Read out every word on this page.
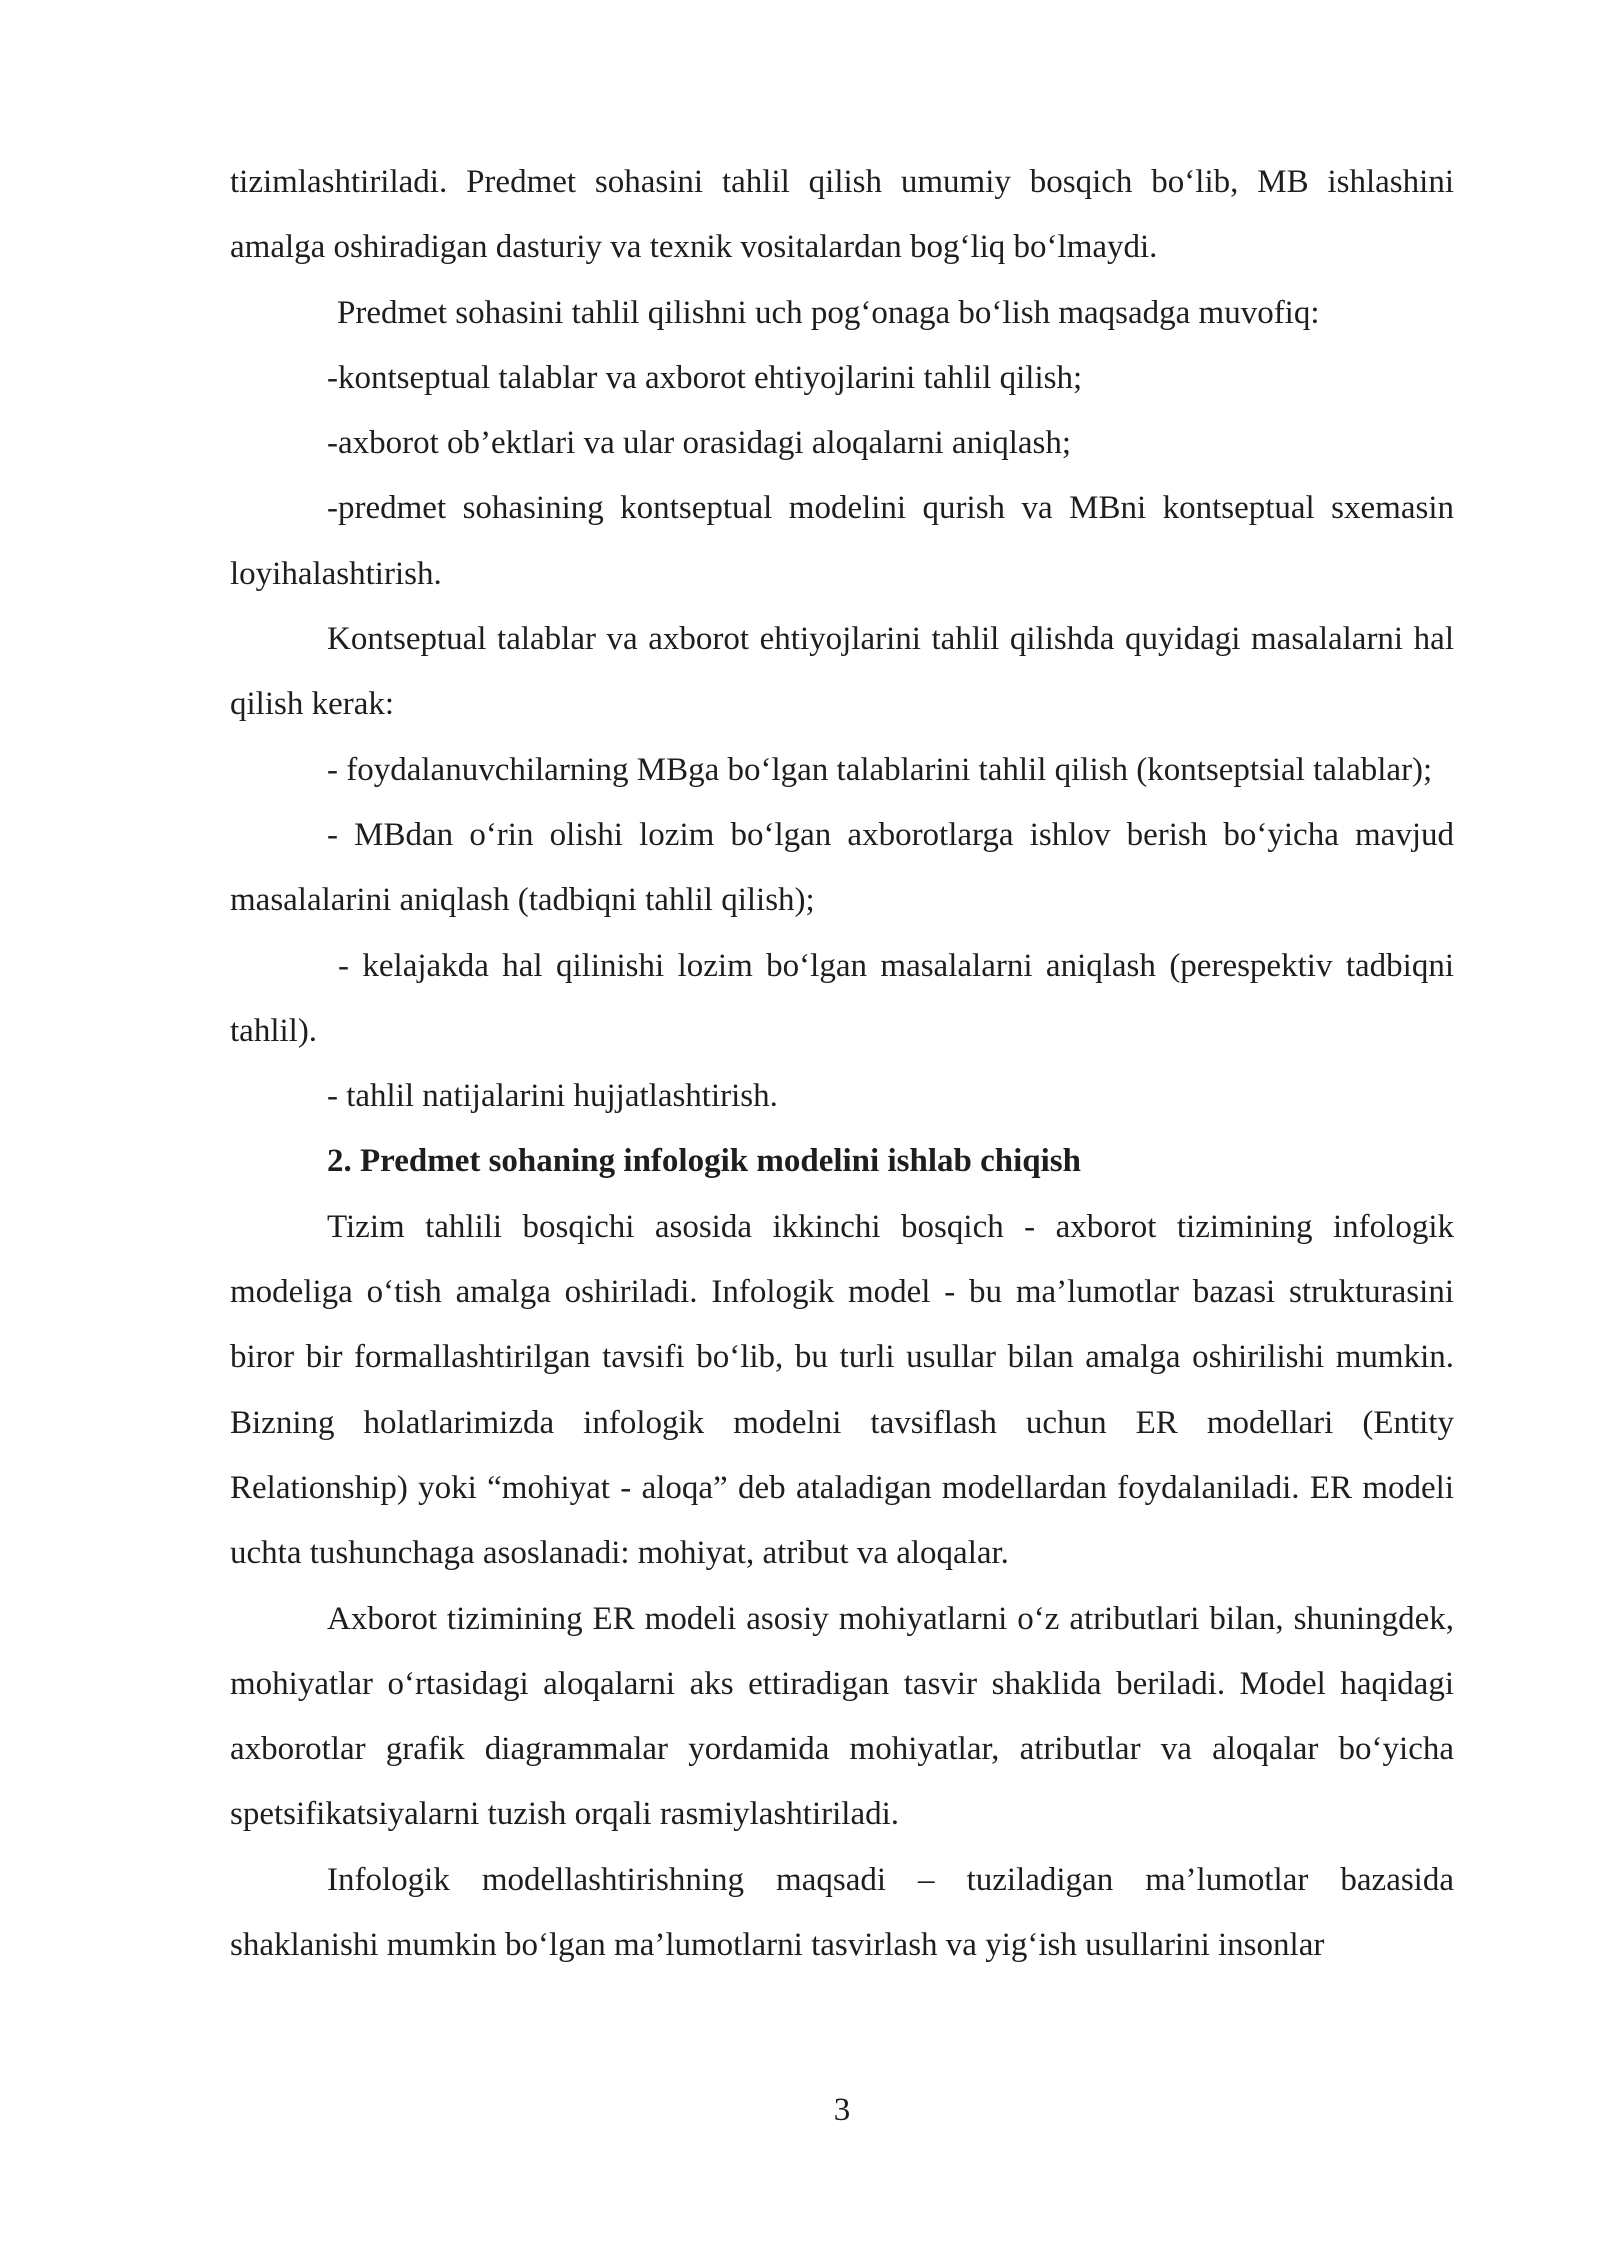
tizimlashtiriladi. Predmet sohasini tahlil qilish umumiy bosqich bo‘lib, MB ishlashini amalga oshiradigan dasturiy va texnik vositalardan bog‘liq bo‘lmaydi.

Predmet sohasini tahlil qilishni uch pog‘onaga bo‘lish maqsadga muvofiq:

-kontseptual talablar va axborot ehtiyojlarini tahlil qilish;

-axborot ob’ektlari va ular orasidagi aloqalarni aniqlash;

-predmet sohasining kontseptual modelini qurish va MBni kontseptual sxemasin loyihalashtirish.

Kontseptual talablar va axborot ehtiyojlarini tahlil qilishda quyidagi masalalarni hal qilish kerak:

- foydalanuvchilarning MBga bo‘lgan talablarini tahlil qilish (kontseptsial talablar);

- MBdan o‘rin olishi lozim bo‘lgan axborotlarga ishlov berish bo‘yicha mavjud masalalarini aniqlash (tadbiqni tahlil qilish);

- kelajakda hal qilinishi lozim bo‘lgan masalalarni aniqlash (perespektiv tadbiqni tahlil).

- tahlil natijalarini hujjatlashtirish.

2. Predmet sohaning infologik modelini ishlab chiqish

Tizim tahlili bosqichi asosida ikkinchi bosqich - axborot tizimining infologik modeliga o‘tish amalga oshiriladi. Infologik model - bu ma’lumotlar bazasi strukturasini biror bir formallashtirilgan tavsifi bo‘lib, bu turli usullar bilan amalga oshirilishi mumkin. Bizning holatlarimizda infologik modelni tavsiflash uchun ER modellari (Entity Relationship) yoki “mohiyat - aloqa” deb ataladigan modellardan foydalaniladi. ER modeli uchta tushunchaga asoslanadi: mohiyat, atribut va aloqalar.

Axborot tizimining ER modeli asosiy mohiyatlarni o‘z atributlari bilan, shuningdek, mohiyatlar o‘rtasidagi aloqalarni aks ettiradigan tasvir shaklida beriladi. Model haqidagi axborotlar grafik diagrammalar yordamida mohiyatlar, atributlar va aloqalar bo‘yicha spetsifikatsiyalarni tuzish orqali rasmiylashtiriladi.

Infologik modellashtirishning maqsadi – tuziladigan ma’lumotlar bazasida shaklanishi mumkin bo‘lgan ma’lumotlarni tasvirlash va yig‘ish usullarini insonlar

3
